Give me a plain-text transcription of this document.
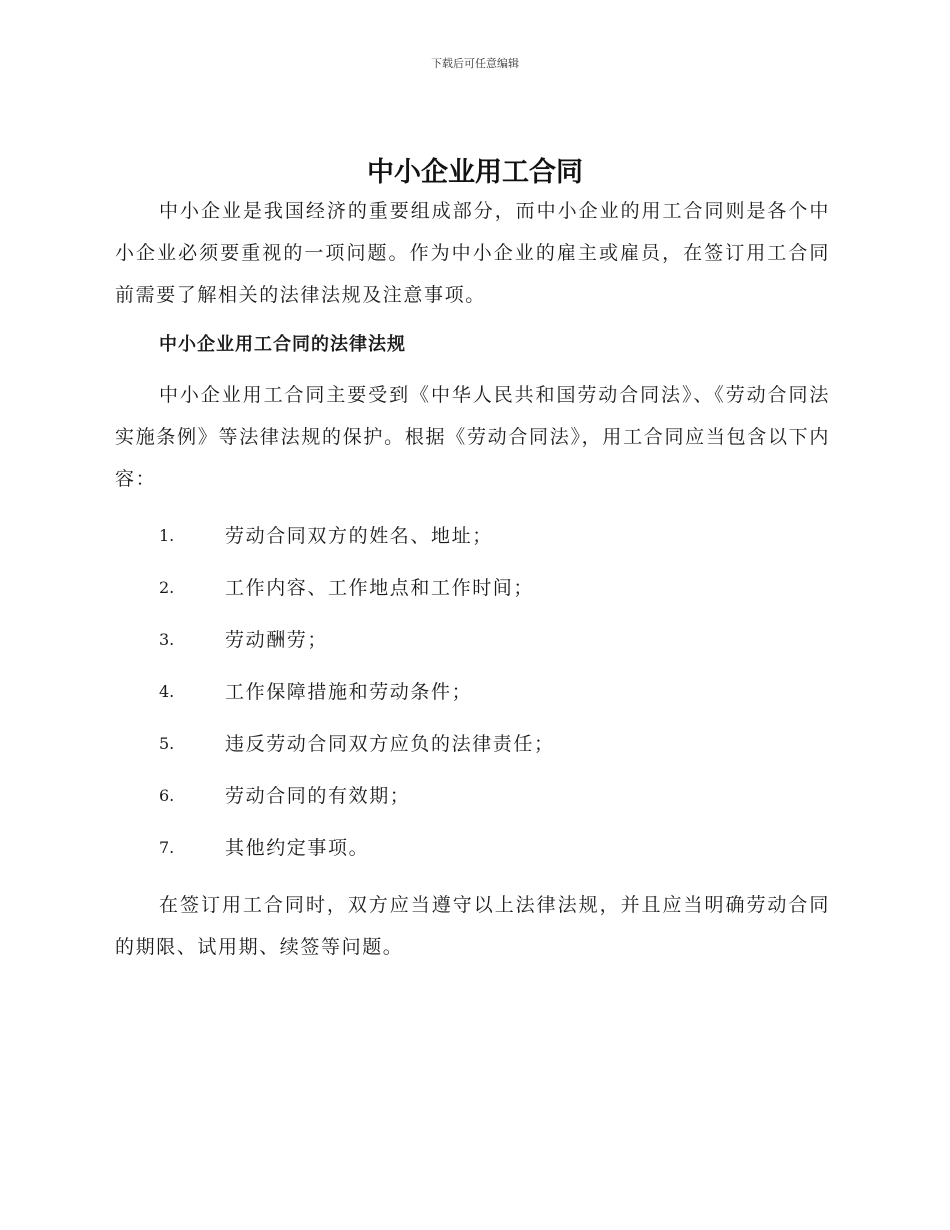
下载后可任意编辑
中小企业用工合同

中小企业是我国经济的重要组成部分，而中小企业的用工合同则是各个中小企业必须要重视的一项问题。作为中小企业的雇主或雇员，在签订用工合同前需要了解相关的法律法规及注意事项。

中小企业用工合同的法律法规

中小企业用工合同主要受到《中华人民共和国劳动合同法》、《劳动合同法实施条例》等法律法规的保护。根据《劳动合同法》，用工合同应当包含以下内容：

1.	劳动合同双方的姓名、地址；
2.	工作内容、工作地点和工作时间；
3.	劳动酬劳；
4.	工作保障措施和劳动条件；
5.	违反劳动合同双方应负的法律责任；
6.	劳动合同的有效期；
7.	其他约定事项。

在签订用工合同时，双方应当遵守以上法律法规，并且应当明确劳动合同的期限、试用期、续签等问题。
